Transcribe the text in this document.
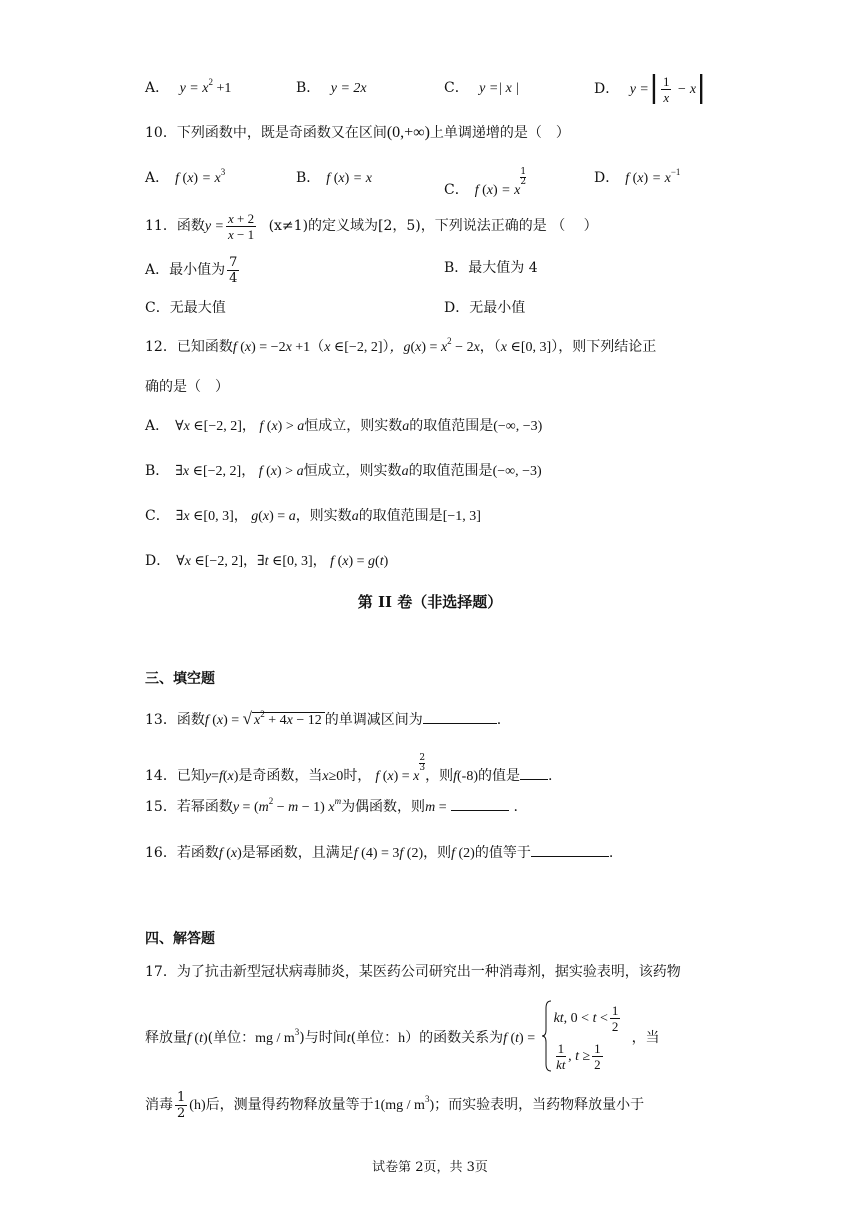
A． $y = x^2 +1$	B． y = 2x	C． y =| x |	D． y =| $\frac{1}{x} - x|$
10．下列函数中，既是奇函数又在区间(0,+∞)上单调递增的是（　）
A． f $(x) = x^3$	B． f (x) = x
C． f (x) = x
$\frac{1}{2}$	D． f $(x) = x^{-1}$
11．函数$y = \frac{x + 2}{x - 1} (x\ne 1)$的定义域为[2，5)，下列说法正确的是 （　 ）
A．最小值为 $\frac{7}{4}$	B．最大值为 4
C．无最大值	D．无最小值
12．已知函数f (x) = −2x +1（x ∈[−2, 2]），$g(x) = x^2 - 2x$，（x ∈[0, 3]），则下列结论正
确的是（　）
A． ∀x ∈[−2, 2]， f (x) > a恒成立，则实数a的取值范围是(−∞, −3)
B． ∃x ∈[−2, 2]， f (x) > a恒成立，则实数a的取值范围是(−∞, −3)
C． ∃x ∈[0, 3]， g(x) = a，则实数a的取值范围是[−1, 3]
D． ∀x ∈[−2, 2]，∃t ∈[0, 3]， f (x) = g(t)
第 II 卷（非选择题）
三、填空题
13．函数f (x) = √ $x^2 + 4x - 12$ 的单调减区间为	.
14．已知y=f(x)是奇函数，当x≥0时， f (x) = x
$\frac{2}{3}$
，则f(-8)的值是 .
15．若幂函数$y = (m^2 - m - 1)$ $x^m$为偶函数，则m =	.
16．若函数f (x)是幂函数，且满足f (4) = 3f (2)，则f (2)的值等于	.
四、解答题
17．为了抗击新型冠状病毒肺炎，某医药公司研究出一种消毒剂，据实验表明，该药物
释放量f (t)(单位：mg / $m^3$)与时间t(单位：h）的函数关系为f (t) =
kt, $0 < t < \frac{1}{2}$
$\frac{1}{kt}$ , $t \ge \frac{1}{2}$
，当
消毒 $\frac{1}{2} (h)$后，测量得药物释放量等于$1(mg / m^3)$；而实验表明，当药物释放量小于
试卷第 2页，共 3页
